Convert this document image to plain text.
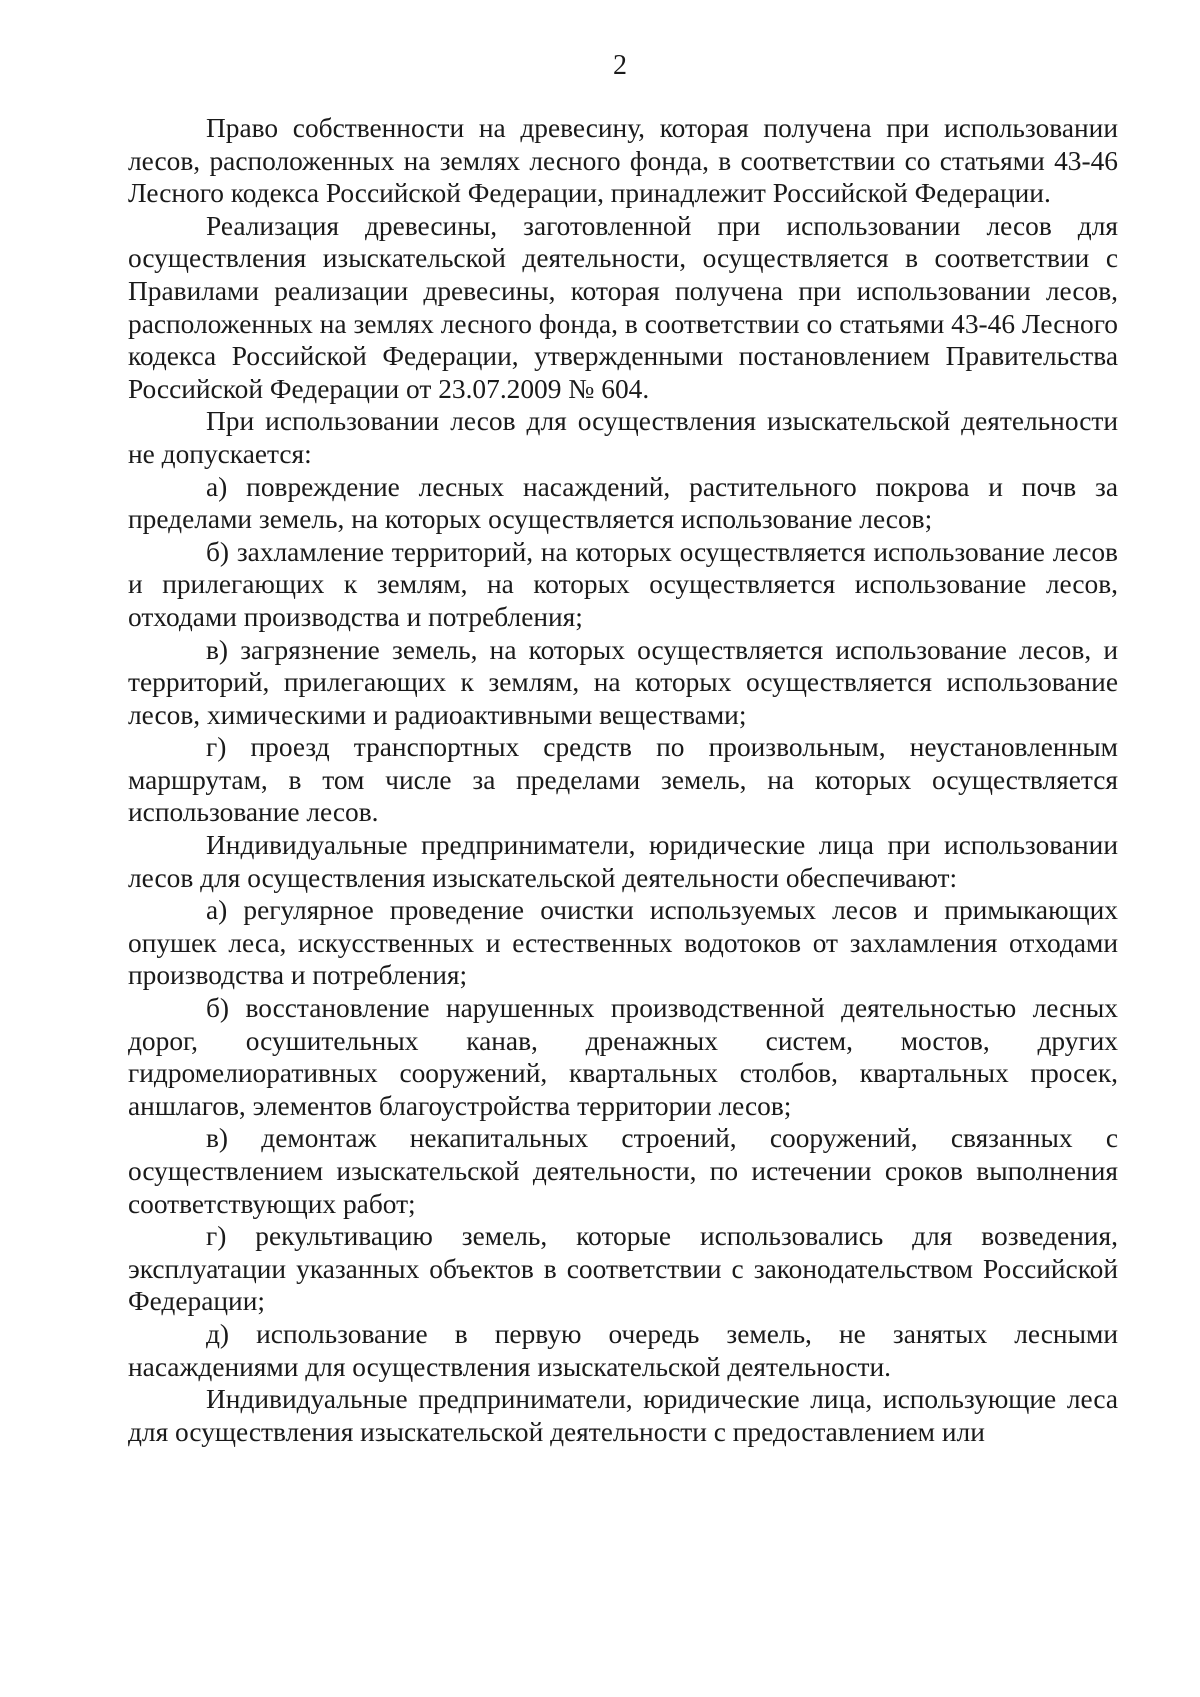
2

Право собственности на древесину, которая получена при использовании лесов, расположенных на землях лесного фонда, в соответствии со статьями 43-46 Лесного кодекса Российской Федерации, принадлежит Российской Федерации.

Реализация древесины, заготовленной при использовании лесов для осуществления изыскательской деятельности, осуществляется в соответствии с Правилами реализации древесины, которая получена при использовании лесов, расположенных на землях лесного фонда, в соответствии со статьями 43-46 Лесного кодекса Российской Федерации, утвержденными постановлением Правительства Российской Федерации от 23.07.2009 № 604.

При использовании лесов для осуществления изыскательской деятельности не допускается:

а) повреждение лесных насаждений, растительного покрова и почв за пределами земель, на которых осуществляется использование лесов;

б) захламление территорий, на которых осуществляется использование лесов и прилегающих к землям, на которых осуществляется использование лесов, отходами производства и потребления;

в) загрязнение земель, на которых осуществляется использование лесов, и территорий, прилегающих к землям, на которых осуществляется использование лесов, химическими и радиоактивными веществами;

г) проезд транспортных средств по произвольным, неустановленным маршрутам, в том числе за пределами земель, на которых осуществляется использование лесов.

Индивидуальные предприниматели, юридические лица при использовании лесов для осуществления изыскательской деятельности обеспечивают:

а) регулярное проведение очистки используемых лесов и примыкающих опушек леса, искусственных и естественных водотоков от захламления отходами производства и потребления;

б) восстановление нарушенных производственной деятельностью лесных дорог, осушительных канав, дренажных систем, мостов, других гидромелиоративных сооружений, квартальных столбов, квартальных просек, аншлагов, элементов благоустройства территории лесов;

в) демонтаж некапитальных строений, сооружений, связанных с осуществлением изыскательской деятельности, по истечении сроков выполнения соответствующих работ;

г) рекультивацию земель, которые использовались для возведения, эксплуатации указанных объектов в соответствии с законодательством Российской Федерации;

д) использование в первую очередь земель, не занятых лесными насаждениями для осуществления изыскательской деятельности.

Индивидуальные предприниматели, юридические лица, использующие леса для осуществления изыскательской деятельности с предоставлением или
